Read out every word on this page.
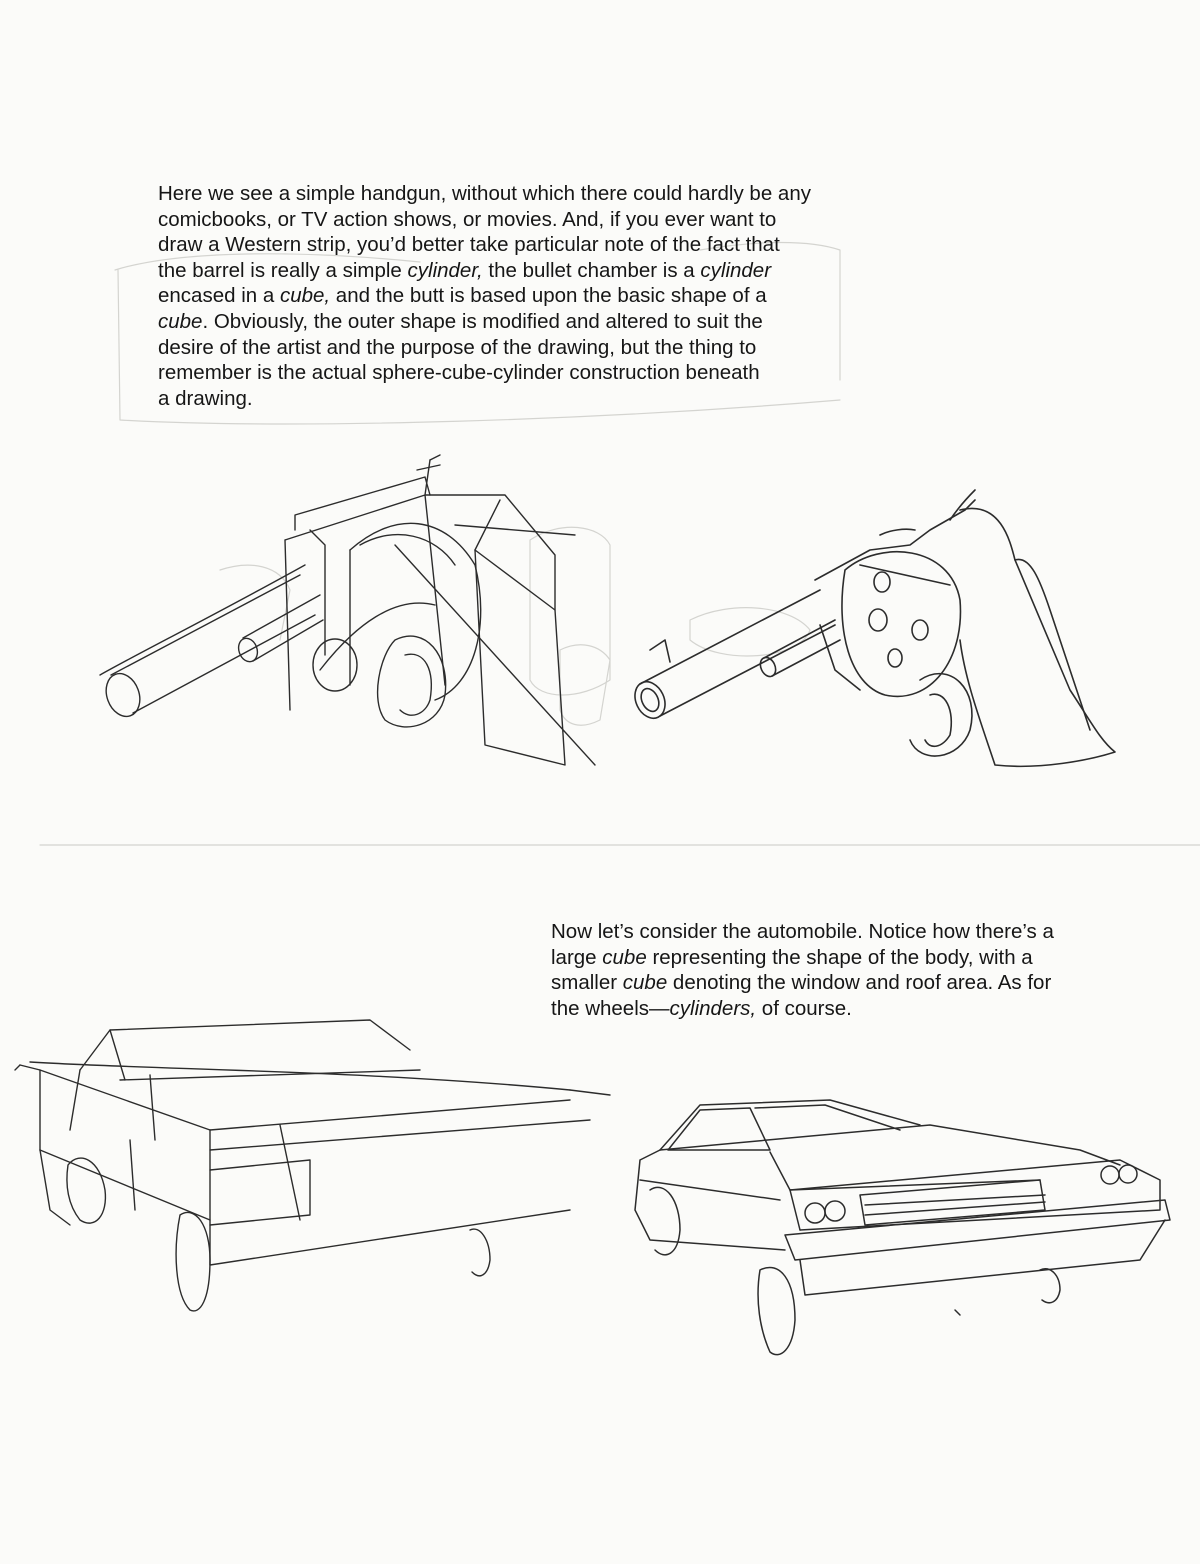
Here we see a simple handgun, without which there could hardly be any
comicbooks, or TV action shows, or movies. And, if you ever want to
draw a Western strip, you’d better take particular note of the fact that
the barrel is really a simple cylinder, the bullet chamber is a cylinder
encased in a cube, and the butt is based upon the basic shape of a
cube. Obviously, the outer shape is modified and altered to suit the
desire of the artist and the purpose of the drawing, but the thing to
remember is the actual sphere-cube-cylinder construction beneath
a drawing.

Now let’s consider the automobile. Notice how there’s a
large cube representing the shape of the body, with a
smaller cube denoting the window and roof area. As for
the wheels—cylinders, of course.
